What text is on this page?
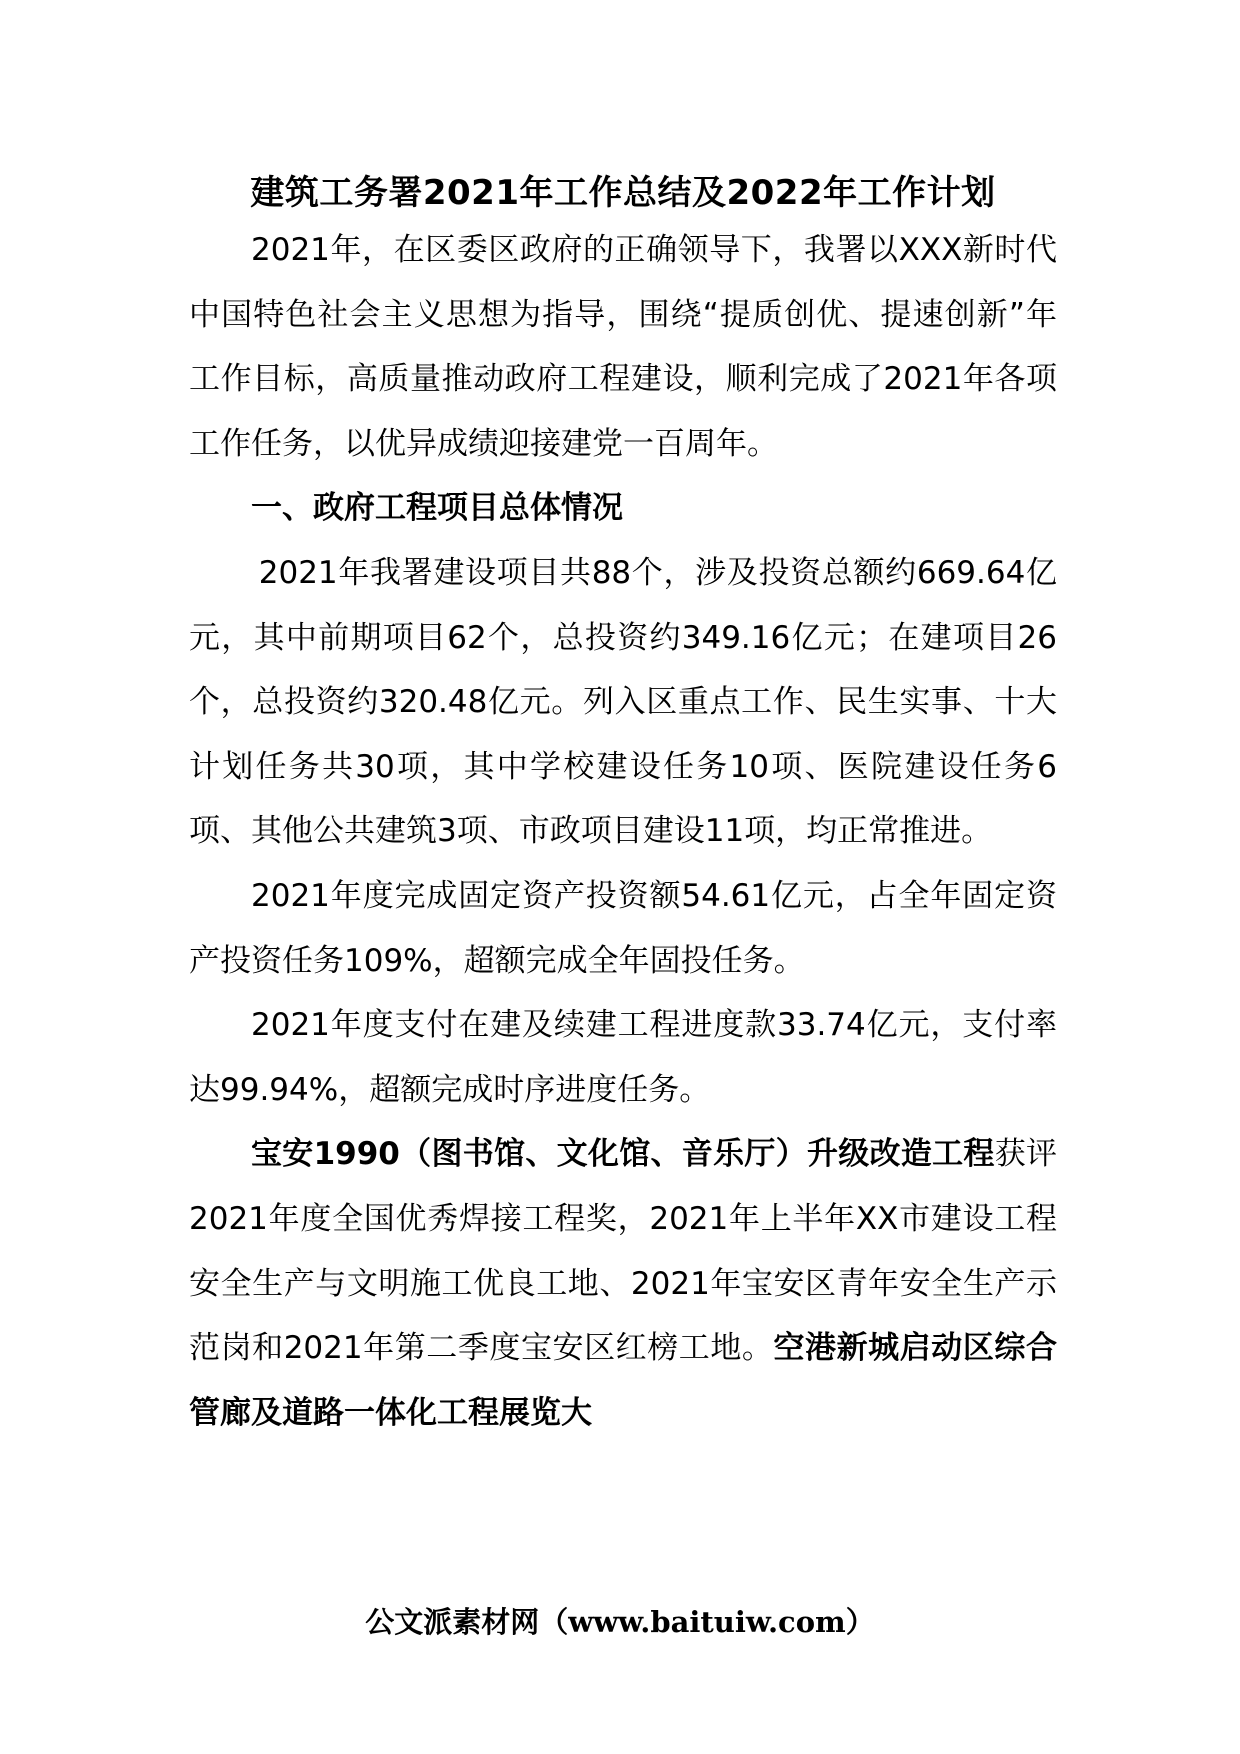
建筑工务署2021年工作总结及2022年工作计划

2021年，在区委区政府的正确领导下，我署以XXX新时代中国特色社会主义思想为指导，围绕“提质创优、提速创新”年工作目标，高质量推动政府工程建设，顺利完成了2021年各项工作任务，以优异成绩迎接建党一百周年。

一、政府工程项目总体情况

2021年我署建设项目共88个，涉及投资总额约669.64亿元，其中前期项目62个，总投资约349.16亿元；在建项目26个，总投资约320.48亿元。列入区重点工作、民生实事、十大计划任务共30项，其中学校建设任务10项、医院建设任务6项、其他公共建筑3项、市政项目建设11项，均正常推进。

2021年度完成固定资产投资额54.61亿元，占全年固定资产投资任务109%，超额完成全年固投任务。

2021年度支付在建及续建工程进度款33.74亿元，支付率达99.94%，超额完成时序进度任务。

宝安1990（图书馆、文化馆、音乐厅）升级改造工程获评2021年度全国优秀焊接工程奖，2021年上半年XX市建设工程安全生产与文明施工优良工地、2021年宝安区青年安全生产示范岗和2021年第二季度宝安区红榜工地。空港新城启动区综合管廊及道路一体化工程展览大

公文派素材网（www.baituiw.com）
